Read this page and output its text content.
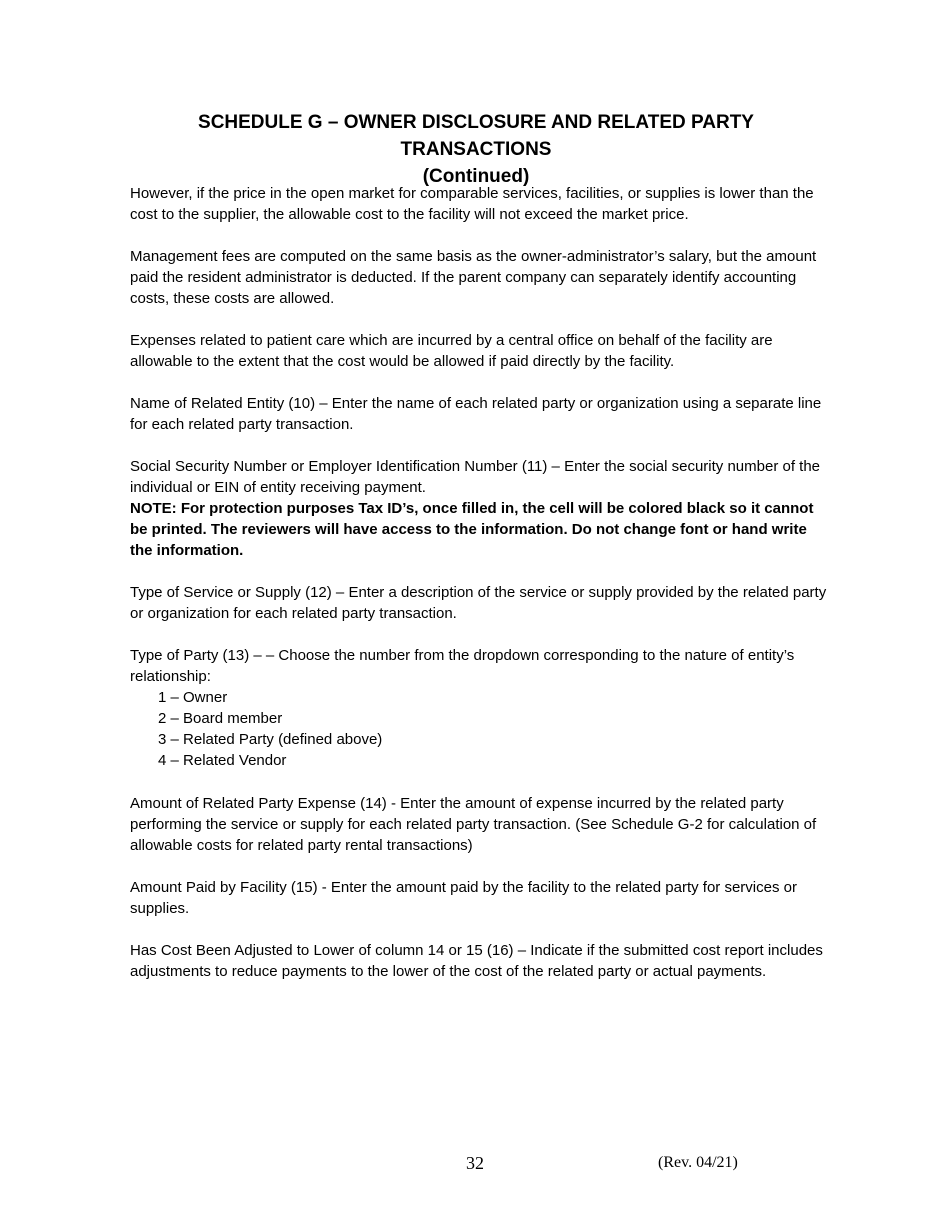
SCHEDULE G – OWNER DISCLOSURE AND RELATED PARTY TRANSACTIONS
(Continued)

However, if the price in the open market for comparable services, facilities, or supplies is lower than the cost to the supplier, the allowable cost to the facility will not exceed the market price.

Management fees are computed on the same basis as the owner-administrator’s salary, but the amount paid the resident administrator is deducted. If the parent company can separately identify accounting costs, these costs are allowed.

Expenses related to patient care which are incurred by a central office on behalf of the facility are allowable to the extent that the cost would be allowed if paid directly by the facility.

Name of Related Entity (10) – Enter the name of each related party or organization using a separate line for each related party transaction.

Social Security Number or Employer Identification Number (11) – Enter the social security number of the individual or EIN of entity receiving payment.

NOTE: For protection purposes Tax ID’s, once filled in, the cell will be colored black so it cannot be printed. The reviewers will have access to the information. Do not change font or hand write the information.

Type of Service or Supply (12) – Enter a description of the service or supply provided by the related party or organization for each related party transaction.

Type of Party (13) – – Choose the number from the dropdown corresponding to the nature of entity’s relationship:

1 – Owner
2 – Board member
3 – Related Party (defined above)
4 – Related Vendor

Amount of Related Party Expense (14) - Enter the amount of expense incurred by the related party performing the service or supply for each related party transaction. (See Schedule G-2 for calculation of allowable costs for related party rental transactions)

Amount Paid by Facility (15) - Enter the amount paid by the facility to the related party for services or supplies.

Has Cost Been Adjusted to Lower of column 14 or 15 (16) – Indicate if the submitted cost report includes adjustments to reduce payments to the lower of the cost of the related party or actual payments.

32	(Rev. 04/21)
